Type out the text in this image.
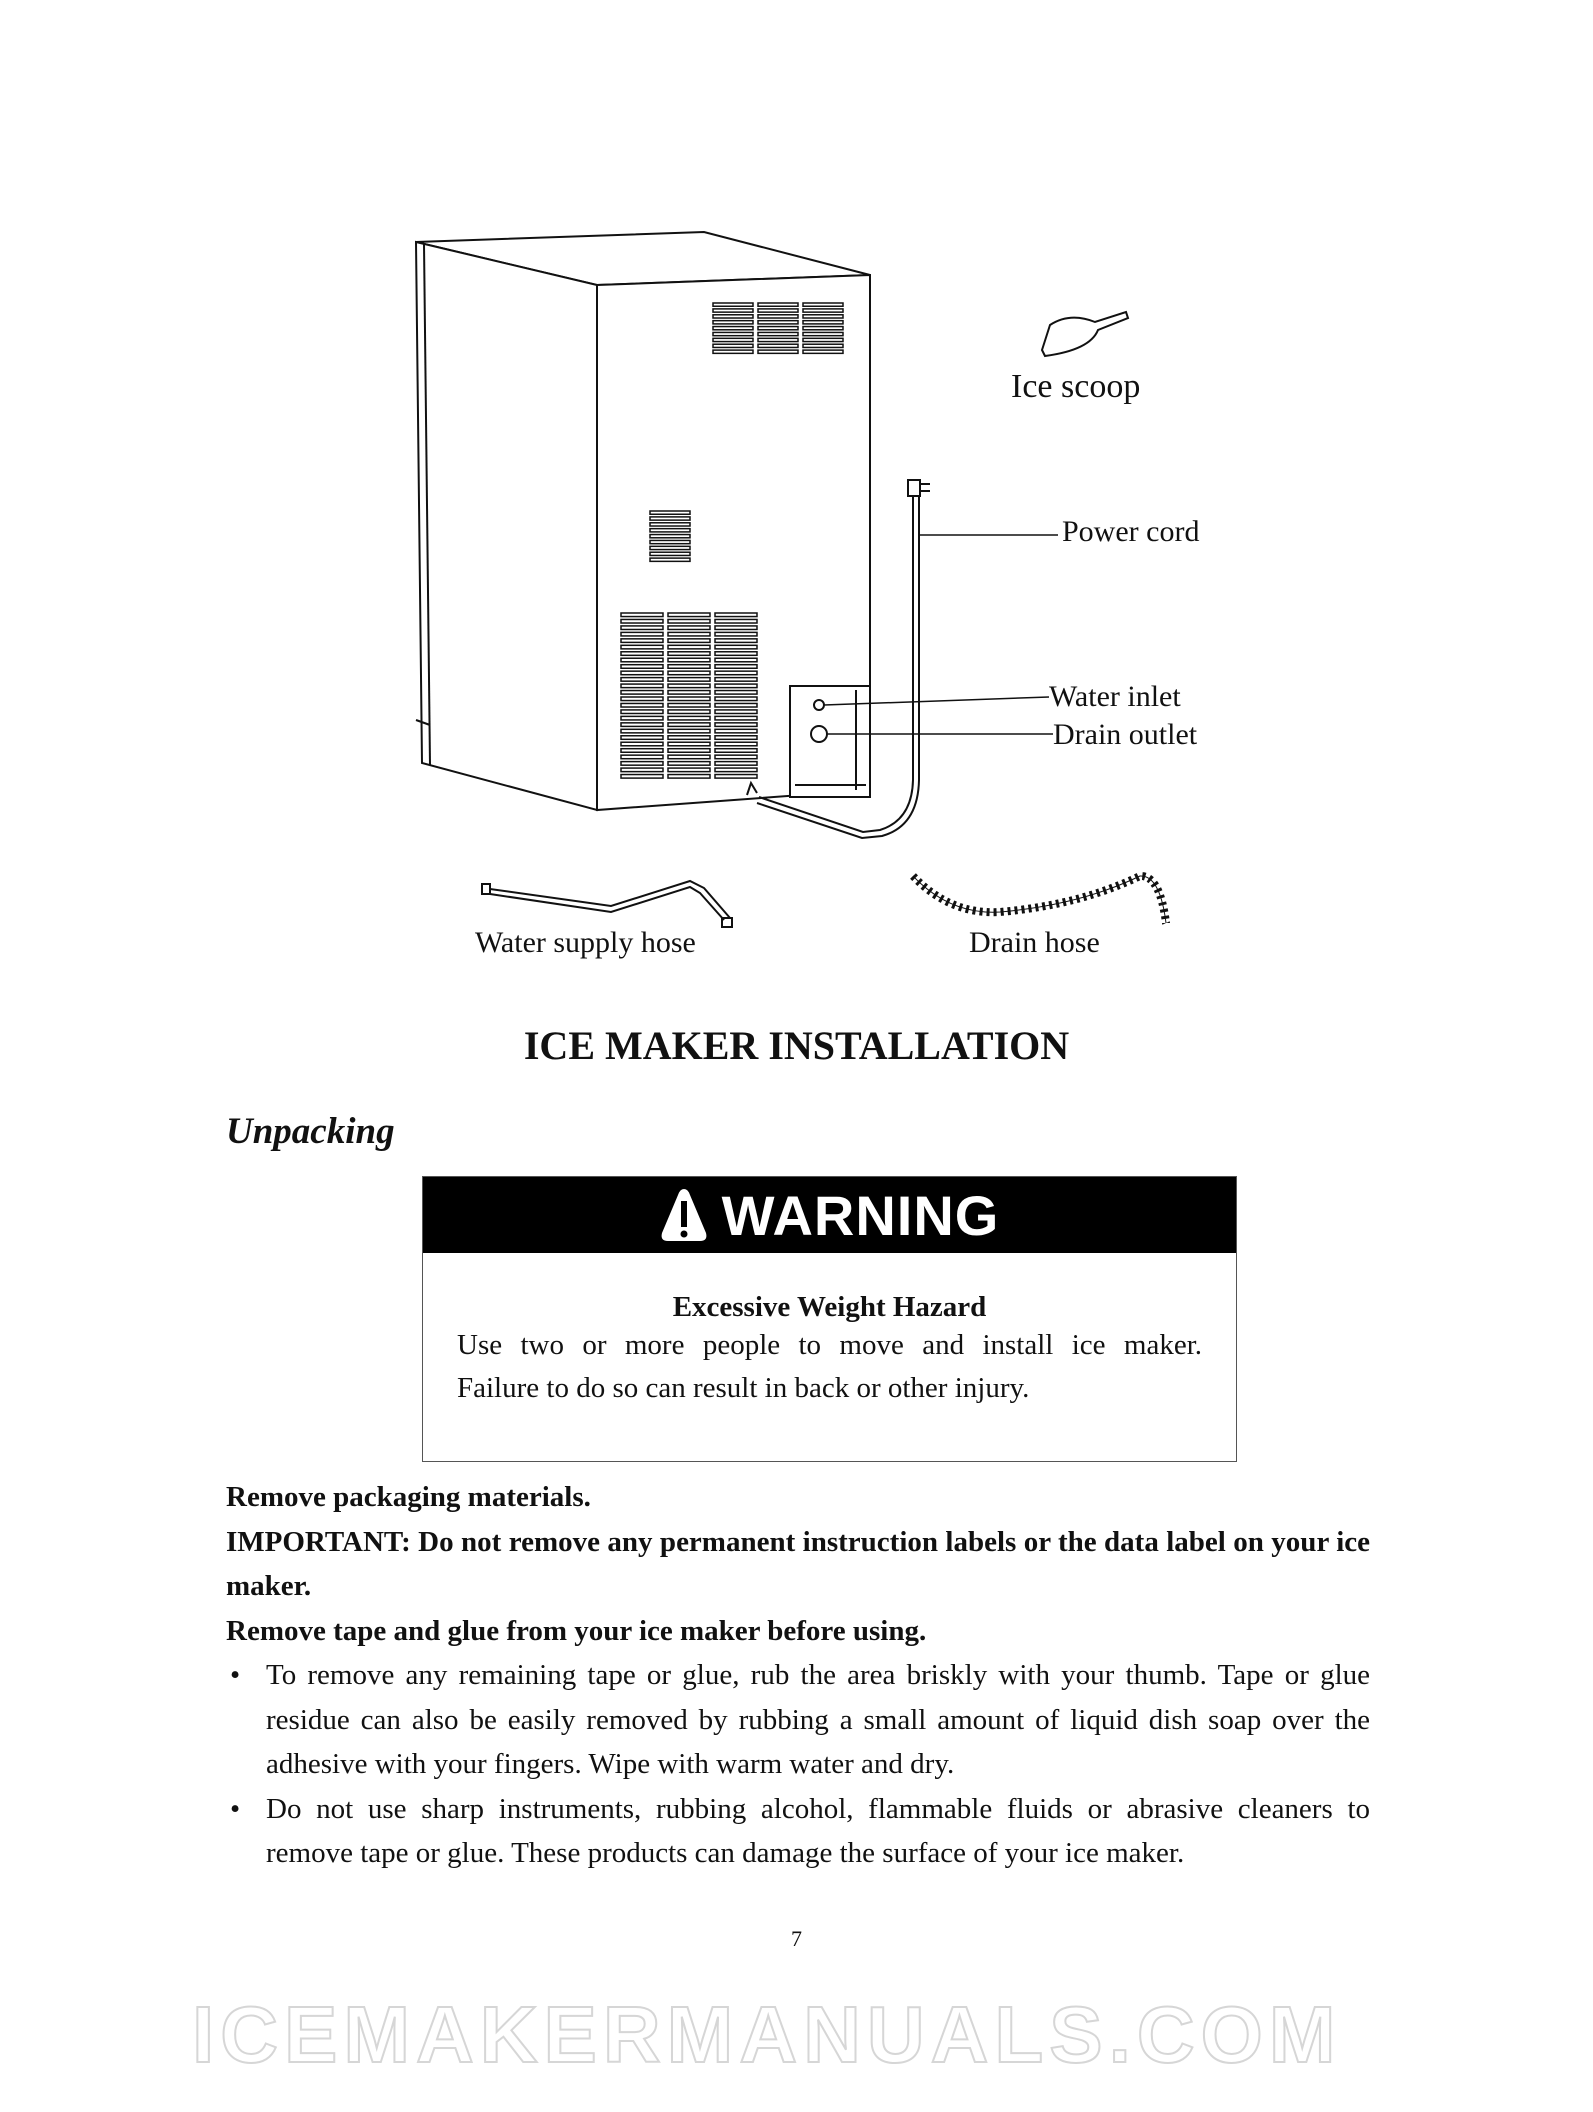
Ice scoop
Power cord
Water inlet
Drain outlet
Water supply hose	Drain hose
ICE MAKER INSTALLATION
Unpacking
WARNING
Excessive Weight Hazard
Use two or more people to move and install ice maker.
Failure to do so can result in back or other injury.
Remove packaging materials.
IMPORTANT: Do not remove any permanent instruction labels or the data label on your ice maker.
Remove tape and glue from your ice maker before using.
• To remove any remaining tape or glue, rub the area briskly with your thumb. Tape or glue residue can also be easily removed by rubbing a small amount of liquid dish soap over the adhesive with your fingers. Wipe with warm water and dry.
• Do not use sharp instruments, rubbing alcohol, flammable fluids or abrasive cleaners to remove tape or glue. These products can damage the surface of your ice maker.
7
ICEMAKERMANUALS.COM
